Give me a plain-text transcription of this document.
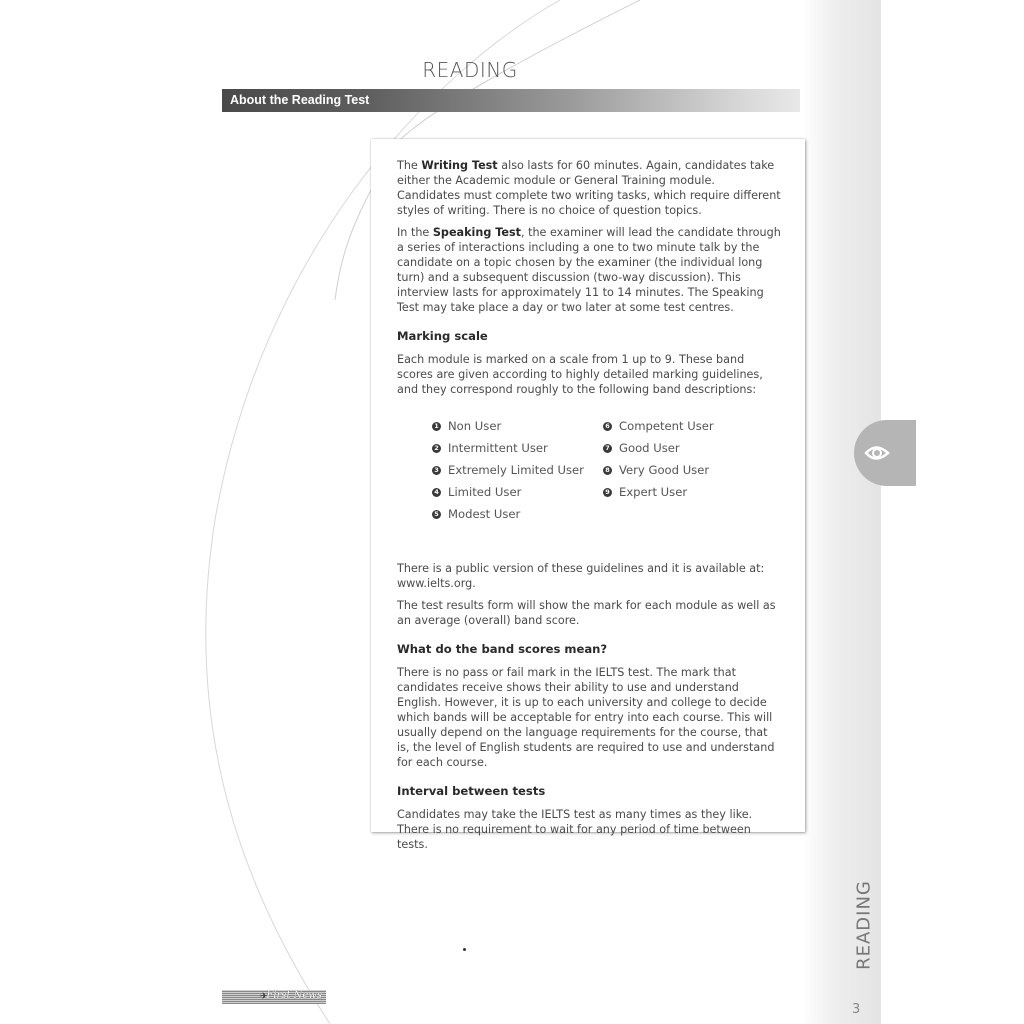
READING
About the Reading Test

The Writing Test also lasts for 60 minutes. Again, candidates take either the Academic module or General Training module. Candidates must complete two writing tasks, which require different styles of writing. There is no choice of question topics.

In the Speaking Test, the examiner will lead the candidate through a series of interactions including a one to two minute talk by the candidate on a topic chosen by the examiner (the individual long turn) and a subsequent discussion (two-way discussion). This interview lasts for approximately 11 to 14 minutes. The Speaking Test may take place a day or two later at some test centres.

Marking scale

Each module is marked on a scale from 1 up to 9. These band scores are given according to highly detailed marking guidelines, and they correspond roughly to the following band descriptions:

1 Non User
2 Intermittent User
3 Extremely Limited User
4 Limited User
5 Modest User
6 Competent User
7 Good User
8 Very Good User
9 Expert User

There is a public version of these guidelines and it is available at: www.ielts.org.

The test results form will show the mark for each module as well as an average (overall) band score.

What do the band scores mean?

There is no pass or fail mark in the IELTS test. The mark that candidates receive shows their ability to use and understand English. However, it is up to each university and college to decide which bands will be acceptable for entry into each course. This will usually depend on the language requirements for the course, that is, the level of English students are required to use and understand for each course.

Interval between tests

Candidates may take the IELTS test as many times as they like. There is no requirement to wait for any period of time between tests.

READING
3
✈
First News
